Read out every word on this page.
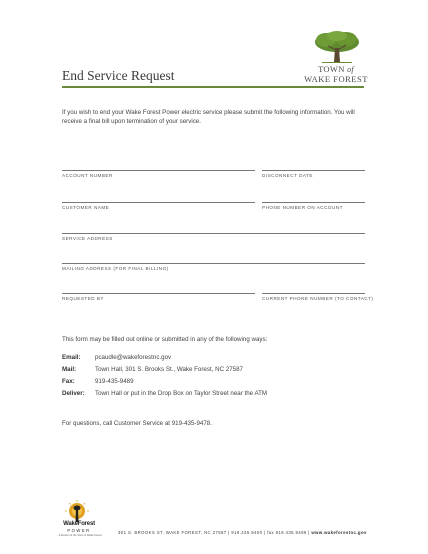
TOWN of
WAKE FOREST
End Service Request
If you wish to end your Wake Forest Power electric service please submit the following information. You will receive a final bill upon termination of your service.
ACCOUNT NUMBER	DISCONNECT DATE
CUSTOMER NAME	PHONE NUMBER ON ACCOUNT
SERVICE ADDRESS
MAILING ADDRESS (FOR FINAL BILLING)
REQUESTED BY	CURRENT PHONE NUMBER (TO CONTACT)
This form may be filled out online or submitted in any of the following ways:
Email: pcaudle@wakeforestnc.gov
Mail:	Town Hall, 301 S. Brooks St., Wake Forest, NC 27587
Fax:	919-435-9489
Deliver: Town Hall or put in the Drop Box on Taylor Street near the ATM
For questions, call Customer Service at 919-435-9478.
WakeForest
POWER
A division of the Town of Wake Forest
301 S. BROOKS ST. WAKE FOREST, NC 27587 | 919.435.9400 | fax 919.435.9489 | www.wakeforestnc.gov
